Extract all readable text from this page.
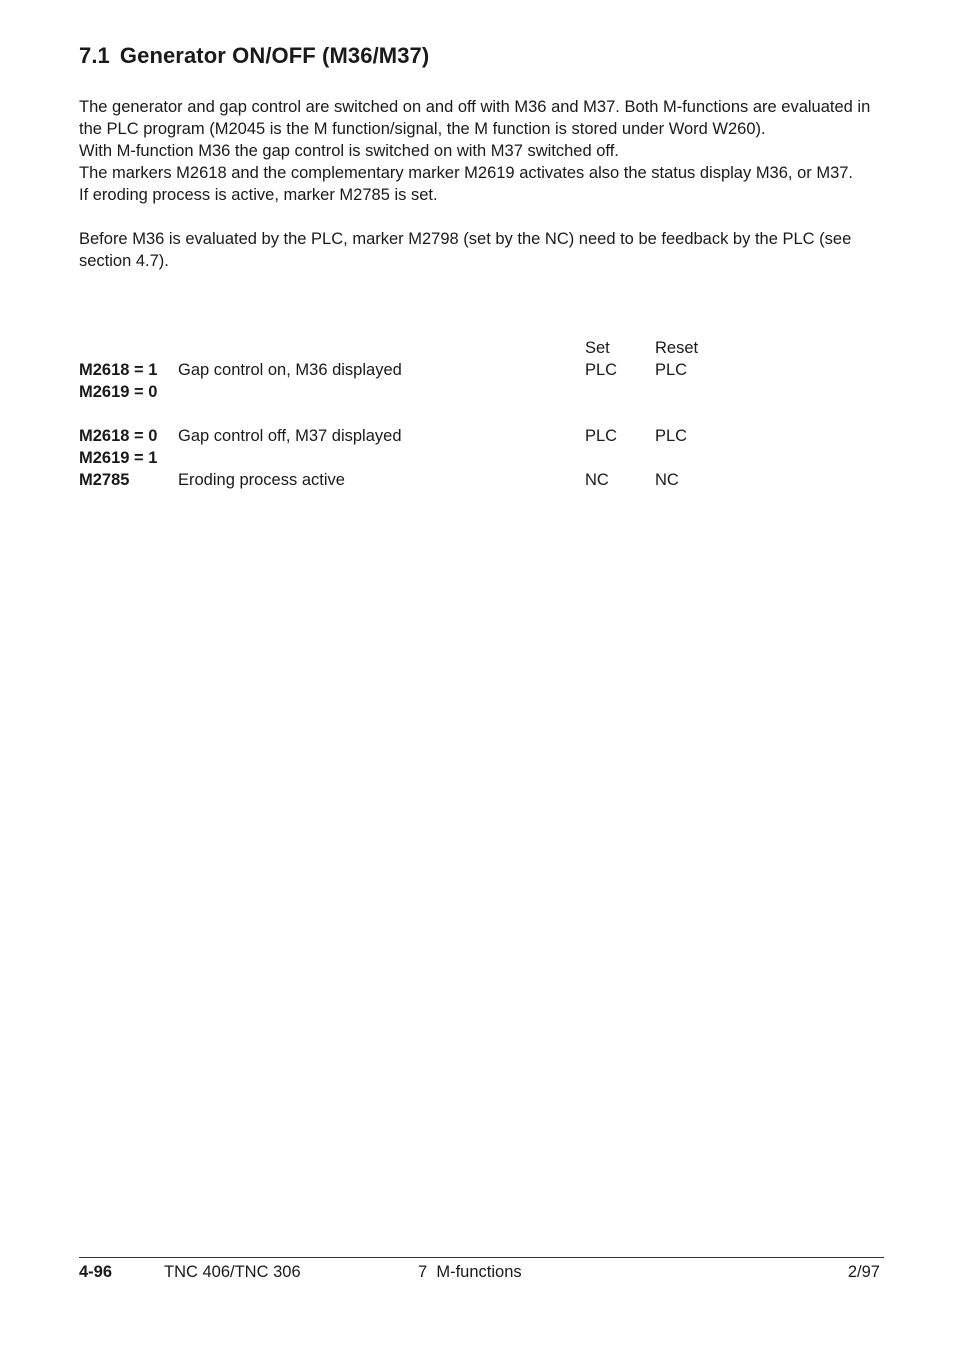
7.1 Generator ON/OFF (M36/M37)

The generator and gap control are switched on and off with M36 and M37. Both M-functions are evaluated in the PLC program (M2045 is the M function/signal, the M function is stored under Word W260).

With M-function M36 the gap control is switched on with M37 switched off.

The markers M2618 and the complementary marker M2619 activates also the status display M36, or M37.

If eroding process is active, marker M2785 is set.

Before M36 is evaluated by the PLC, marker M2798 (set by the NC) need to be feedback by the PLC (see section 4.7).

Set	Reset
M2618 = 1 Gap control on, M36 displayed	PLC PLC
M2619 = 0
M2618 = 0 Gap control off, M37 displayed	PLC PLC
M2619 = 1
M2785	Eroding process active	NC	NC
4-96	TNC 406/TNC 306	7  M-functions	2/97
